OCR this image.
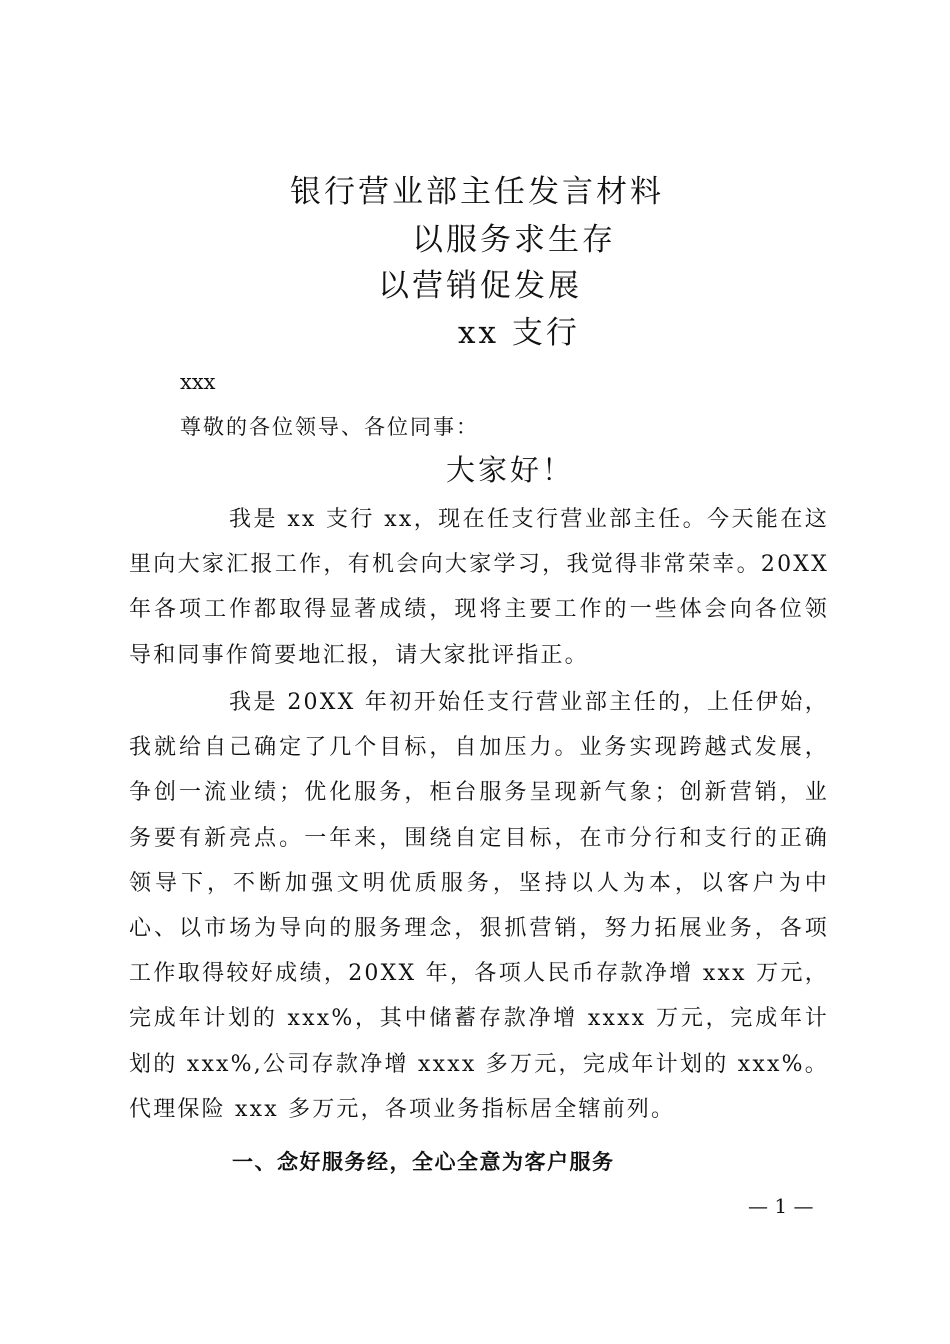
银行营业部主任发言材料
以服务求生存
以营销促发展
xx 支行
xxx
尊敬的各位领导、各位同事：
大家好！

我是 xx 支行 xx，现在任支行营业部主任。今天能在这里向大家汇报工作，有机会向大家学习，我觉得非常荣幸。20XX 年各项工作都取得显著成绩，现将主要工作的一些体会向各位领导和同事作简要地汇报，请大家批评指正。

我是 20XX 年初开始任支行营业部主任的，上任伊始，我就给自己确定了几个目标，自加压力。业务实现跨越式发展，争创一流业绩；优化服务，柜台服务呈现新气象；创新营销，业务要有新亮点。一年来，围绕自定目标，在市分行和支行的正确领导下，不断加强文明优质服务，坚持以人为本，以客户为中心、以市场为导向的服务理念，狠抓营销，努力拓展业务，各项工作取得较好成绩，20XX 年，各项人民币存款净增 xxx 万元，完成年计划的 xxx%，其中储蓄存款净增 xxxx 万元，完成年计划的 xxx%,公司存款净增 xxxx 多万元，完成年计划的 xxx%。代理保险 xxx 多万元，各项业务指标居全辖前列。

一、念好服务经，全心全意为客户服务
— 1 —
